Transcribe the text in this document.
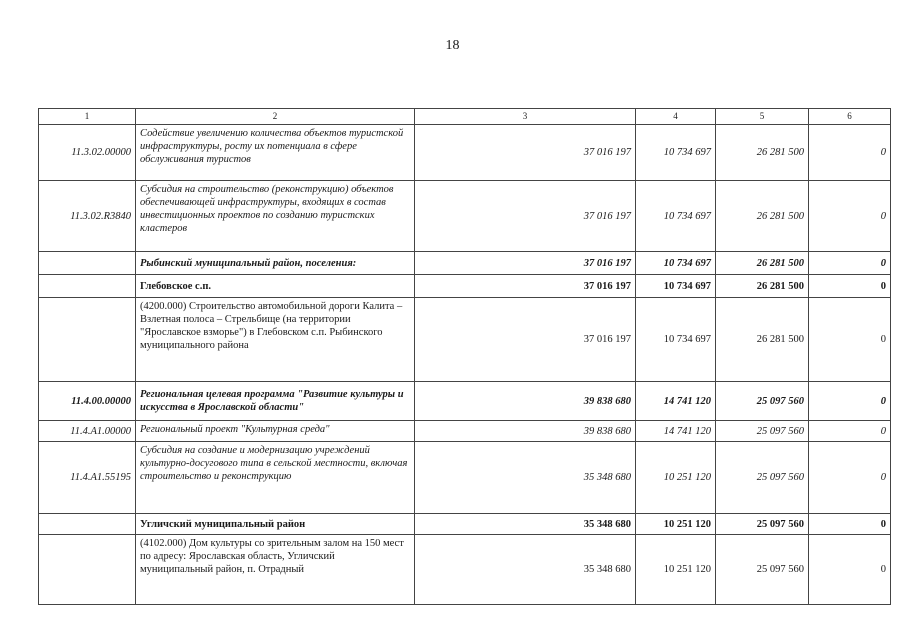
18
1	2	3	4	5	6
11.3.02.00000	Содействие увеличению количества объектов туристской инфраструктуры, росту их потенциала в сфере обслуживания туристов	37 016 197	10 734 697	26 281 500	0
11.3.02.R3840	Субсидия на строительство (реконструкцию) объектов обеспечивающей инфраструктуры, входящих в состав инвестиционных проектов по созданию туристских кластеров	37 016 197	10 734 697	26 281 500	0
	Рыбинский муниципальный район, поселения:	37 016 197	10 734 697	26 281 500	0
	Глебовское с.п.	37 016 197	10 734 697	26 281 500	0
	(4200.000) Строительство автомобильной дороги Калита – Взлетная полоса – Стрельбище (на территории "Ярославское взморье") в Глебовском с.п. Рыбинского муниципального района	37 016 197	10 734 697	26 281 500	0
11.4.00.00000	Региональная целевая программа "Развитие культуры и искусства в Ярославской области"	39 838 680	14 741 120	25 097 560	0
11.4.A1.00000	Региональный проект "Культурная среда"	39 838 680	14 741 120	25 097 560	0
11.4.A1.55195	Субсидия на создание и модернизацию учреждений культурно-досугового типа в сельской местности, включая строительство и реконструкцию	35 348 680	10 251 120	25 097 560	0
	Угличский муниципальный район	35 348 680	10 251 120	25 097 560	0
	(4102.000) Дом культуры со зрительным залом на 150 мест по адресу: Ярославская область, Угличский муниципальный район, п. Отрадный	35 348 680	10 251 120	25 097 560	0
